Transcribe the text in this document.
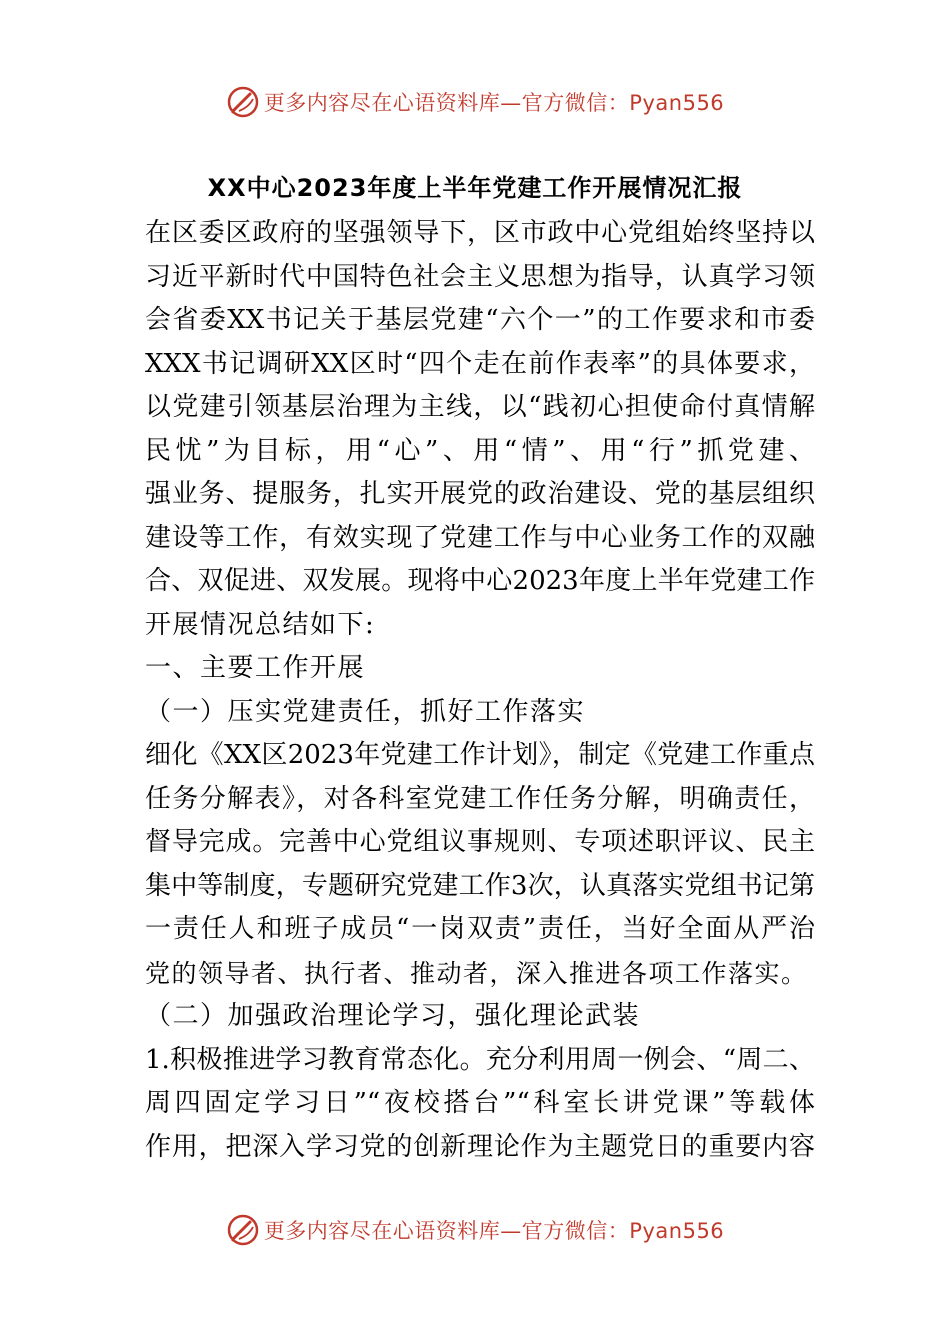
更多内容尽在心语资料库—官方微信：Pyan556
XX中心2023年度上半年党建工作开展情况汇报
在区委区政府的坚强领导下，区市政中心党组始终坚持以
习近平新时代中国特色社会主义思想为指导，认真学习领
会省委XX书记关于基层党建“六个一”的工作要求和市委
XXX书记调研XX区时“四个走在前作表率”的具体要求，
以党建引领基层治理为主线，以“践初心担使命付真情解
民忧”为目标，用“心”、用“情”、用“行”抓党建、
强业务、提服务，扎实开展党的政治建设、党的基层组织
建设等工作，有效实现了党建工作与中心业务工作的双融
合、双促进、双发展。现将中心2023年度上半年党建工作
开展情况总结如下:
一、主要工作开展
（一）压实党建责任，抓好工作落实
细化《XX区2023年党建工作计划》，制定《党建工作重点
任务分解表》，对各科室党建工作任务分解，明确责任，
督导完成。完善中心党组议事规则、专项述职评议、民主
集中等制度，专题研究党建工作3次，认真落实党组书记第
一责任人和班子成员“一岗双责”责任，当好全面从严治
党的领导者、执行者、推动者，深入推进各项工作落实。
（二）加强政治理论学习，强化理论武装
1.积极推进学习教育常态化。充分利用周一例会、“周二、
周四固定学习日”“夜校搭台”“科室长讲党课”等载体
作用，把深入学习党的创新理论作为主题党日的重要内容
更多内容尽在心语资料库—官方微信：Pyan556
